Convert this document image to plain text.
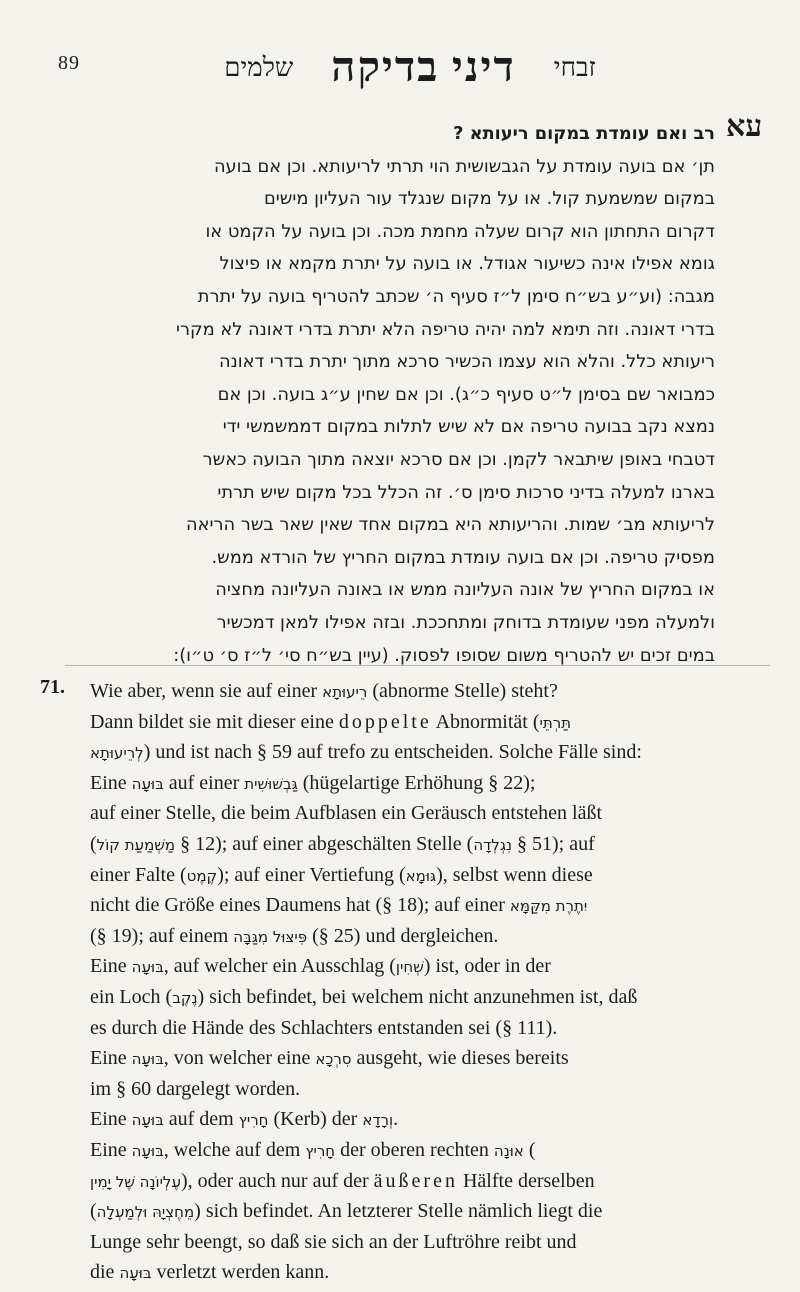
89	זבחי
דיני בדיקה
שלמים
עא
רב ואם עומדת במקום ריעותא ?
תן׳ אם בועה עומדת על הגבשושית הוי תרתי לריעותא. וכן אם בועה
במקום שמשמעת קול. או על מקום שנגלד עור העליון מישים
דקרום התחתון הוא קרום שעלה מחמת מכה. וכן בועה על הקמט או
גומא אפילו אינה כשיעור אגודל. או בועה על יתרת מקמא או פיצול
מגבה: (וע״ע בש״ח סימן ל״ז סעיף ה׳ שכתב להטריף בועה על יתרת
בדרי דאונה. וזה תימא למה יהיה טריפה הלא יתרת בדרי דאונה לא מקרי
ריעותא כלל. והלא הוא עצמו הכשיר סרכא מתוך יתרת בדרי דאונה
כמבואר שם בסימן ל״ט סעיף כ״ג). וכן אם שחין ע״ג בועה. וכן אם
נמצא נקב בבועה טריפה אם לא שיש לתלות במקום דממשמשי ידי
דטבחי באופן שיתבאר לקמן. וכן אם סרכא יוצאה מתוך הבועה כאשר
בארנו למעלה בדיני סרכות סימן ס׳. זה הכלל בכל מקום שיש תרתי
לריעותא מב׳ שמות. והריעותא היא במקום אחד שאין שאר בשר הריאה
מפסיק טריפה. וכן אם בועה עומדת במקום החריץ של הורדא ממש.
או במקום החריץ של אונה העליונה ממש או באונה העליונה מחציה
ולמעלה מפני שעומדת בדוחק ומתחככת. ובזה אפילו למאן דמכשיר
במים זכים יש להטריף משום שסופו לפסוק. (עיין בש״ח סי׳ ל״ז ס׳ ט״ו):
71. Wie aber, wenn sie auf einer רֵיעוּתָא (abnorme Stelle) steht?
Dann bildet sie mit dieser eine doppelte Abnormität (תַּרְתֵּי
לְרֵיעוּתָא) und ist nach § 59 auf trefo zu entscheiden. Solche Fälle sind:
Eine בּוּעָה auf einer גַּבְשׁוּשִׁית (hügelartige Erhöhung § 22);
auf einer Stelle, die beim Aufblasen ein Geräusch entstehen läßt
(מַשְׁמַעַת קוֹל § 12); auf einer abgeschälten Stelle (נִגְלְדָה § 51); auf
einer Falte (קֶמֶט); auf einer Vertiefung (גּוּמָא), selbst wenn diese
nicht die Größe eines Daumens hat (§ 18); auf einer יִתֶרֶת מִקַּמָּא
(§ 19); auf einem פִּיצּוּל מִגַּבָּה (§ 25) und dergleichen.
Eine בּוּעָה, auf welcher ein Ausschlag (שְׁחִין) ist, oder in der
ein Loch (נֶקֶב) sich befindet, bei welchem nicht anzunehmen ist, daß
es durch die Hände des Schlachters entstanden sei (§ 111).
Eine בּוּעָה, von welcher eine סִרְכָא ausgeht, wie dieses bereits
im § 60 dargelegt worden.
Eine בּוּעָה auf dem חָרִיץ (Kerb) der וְרָדָא.
Eine בּוּעָה, welche auf dem חָרִיץ der oberen rechten אוּנָה (
עֶלְיוֹנָה שֶׁל יָמִין), oder auch nur auf der äußeren Hälfte derselben
(מֵחֶצְיָהּ וּלְמַעְלָה) sich befindet. An letzterer Stelle nämlich liegt die
Lunge sehr beengt, so daß sie sich an der Luftröhre reibt und
die בּוּעָה verletzt werden kann.
